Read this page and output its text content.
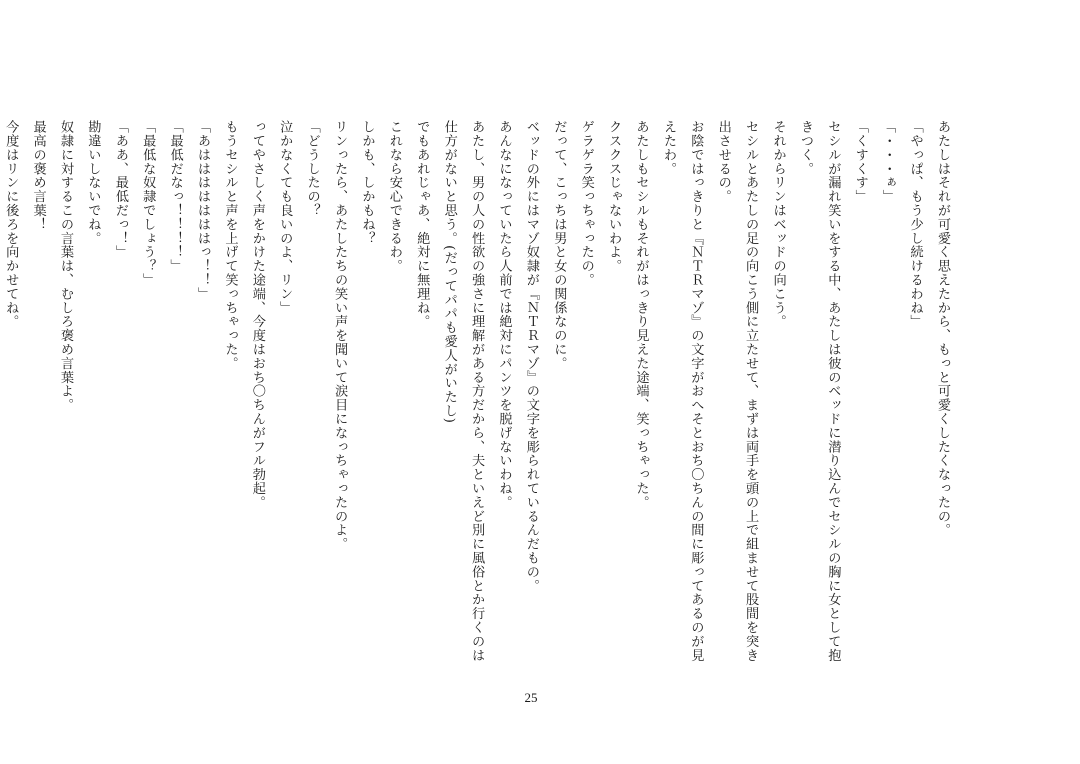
あたしはそれが可愛く思えたから、もっと可愛くしたくなったの。
「やっぱ、もう少し続けるわね」
「・・・ぁ」
「くすくす」
セシルが漏れ笑いをする中、あたしは彼のベッドに潜り込んでセシルの胸に女として抱
きつく。
それからリンはベッドの向こう。
セシルとあたしの足の向こう側に立たせて、まずは両手を頭の上で組ませて股間を突き
出させるの。
お陰ではっきりと『ＮＴＲマゾ』の文字がおへそとおち〇ちんの間に彫ってあるのが見
えたわ。
あたしもセシルもそれがはっきり見えた途端、笑っちゃった。
クスクスじゃないわよ。
ゲラゲラ笑っちゃったの。
だって、こっちは男と女の関係なのに。
ベッドの外にはマゾ奴隷が『ＮＴＲマゾ』の文字を彫られているんだもの。
あんなになっていたら人前では絶対にパンツを脱げないわね。
あたし、男の人の性欲の強さに理解がある方だから、夫といえど別に風俗とか行くのは
仕方がないと思う。(だってパパも愛人がいたし)
でもあれじゃあ、絶対に無理ね。
これなら安心できるわ。
しかも、しかもね？
リンったら、あたしたちの笑い声を聞いて涙目になっちゃったのよ。
「どうしたの？
泣かなくても良いのよ、リン」
ってやさしく声をかけた途端、今度はおち〇ちんがフル勃起。
もうセシルと声を上げて笑っちゃった。
「あはははははははっ！！」
「最低だなっ！！！！」
「最低な奴隷でしょう？」
「ああ、最低だっ！」
勘違いしないでね。
奴隷に対するこの言葉は、むしろ褒め言葉よ。
最高の褒め言葉！
今度はリンに後ろを向かせてね。
25
